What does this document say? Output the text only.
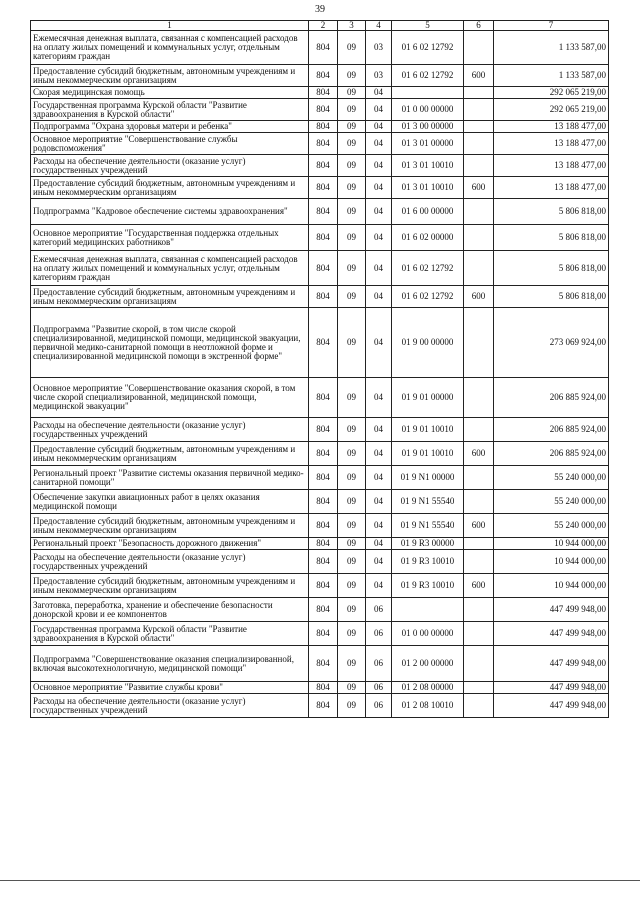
39
1	2	3	4	5	6	7
Ежемесячная денежная выплата, связанная с компенсацией расходов на оплату жилых помещений и коммунальных услуг, отдельным категориям граждан	804	09	03	01 6 02 12792		1 133 587,00
Предоставление субсидий бюджетным, автономным учреждениям и иным некоммерческим организациям	804	09	03	01 6 02 12792	600	1 133 587,00
Скорая медицинская помощь	804	09	04			292 065 219,00
Государственная программа Курской области "Развитие здравоохранения в Курской области"	804	09	04	01 0 00 00000		292 065 219,00
Подпрограмма "Охрана здоровья матери и ребенка"	804	09	04	01 3 00 00000		13 188 477,00
Основное мероприятие "Совершенствование службы родовспоможения"	804	09	04	01 3 01 00000		13 188 477,00
Расходы на обеспечение деятельности (оказание услуг) государственных учреждений	804	09	04	01 3 01 10010		13 188 477,00
Предоставление субсидий бюджетным, автономным учреждениям и иным некоммерческим организациям	804	09	04	01 3 01 10010	600	13 188 477,00
Подпрограмма "Кадровое обеспечение системы здравоохранения"	804	09	04	01 6 00 00000		5 806 818,00
Основное мероприятие "Государственная поддержка отдельных категорий медицинских работников"	804	09	04	01 6 02 00000		5 806 818,00
Ежемесячная денежная выплата, связанная с компенсацией расходов на оплату жилых помещений и коммунальных услуг, отдельным категориям граждан	804	09	04	01 6 02 12792		5 806 818,00
Предоставление субсидий бюджетным, автономным учреждениям и иным некоммерческим организациям	804	09	04	01 6 02 12792	600	5 806 818,00
Подпрограмма "Развитие скорой, в том числе скорой специализированной, медицинской помощи, медицинской эвакуации, первичной медико-санитарной помощи в неотложной форме и специализированной медицинской помощи в экстренной форме"	804	09	04	01 9 00 00000		273 069 924,00
Основное мероприятие "Совершенствование оказания скорой, в том числе скорой специализированной, медицинской помощи, медицинской эвакуации"	804	09	04	01 9 01 00000		206 885 924,00
Расходы на обеспечение деятельности (оказание услуг) государственных учреждений	804	09	04	01 9 01 10010		206 885 924,00
Предоставление субсидий бюджетным, автономным учреждениям и иным некоммерческим организациям	804	09	04	01 9 01 10010	600	206 885 924,00
Региональный проект "Развитие системы оказания первичной медико-санитарной помощи"	804	09	04	01 9 N1 00000		55 240 000,00
Обеспечение закупки авиационных работ в целях оказания медицинской помощи	804	09	04	01 9 N1 55540		55 240 000,00
Предоставление субсидий бюджетным, автономным учреждениям и иным некоммерческим организациям	804	09	04	01 9 N1 55540	600	55 240 000,00
Региональный проект "Безопасность дорожного движения"	804	09	04	01 9 R3 00000		10 944 000,00
Расходы на обеспечение деятельности (оказание услуг) государственных учреждений	804	09	04	01 9 R3 10010		10 944 000,00
Предоставление субсидий бюджетным, автономным учреждениям и иным некоммерческим организациям	804	09	04	01 9 R3 10010	600	10 944 000,00
Заготовка, переработка, хранение и обеспечение безопасности донорской крови и ее компонентов	804	09	06			447 499 948,00
Государственная программа Курской области "Развитие здравоохранения в Курской области"	804	09	06	01 0 00 00000		447 499 948,00
Подпрограмма "Совершенствование оказания специализированной, включая высокотехнологичную, медицинской помощи"	804	09	06	01 2 00 00000		447 499 948,00
Основное мероприятие "Развитие службы крови"	804	09	06	01 2 08 00000		447 499 948,00
Расходы на обеспечение деятельности (оказание услуг) государственных учреждений	804	09	06	01 2 08 10010		447 499 948,00
